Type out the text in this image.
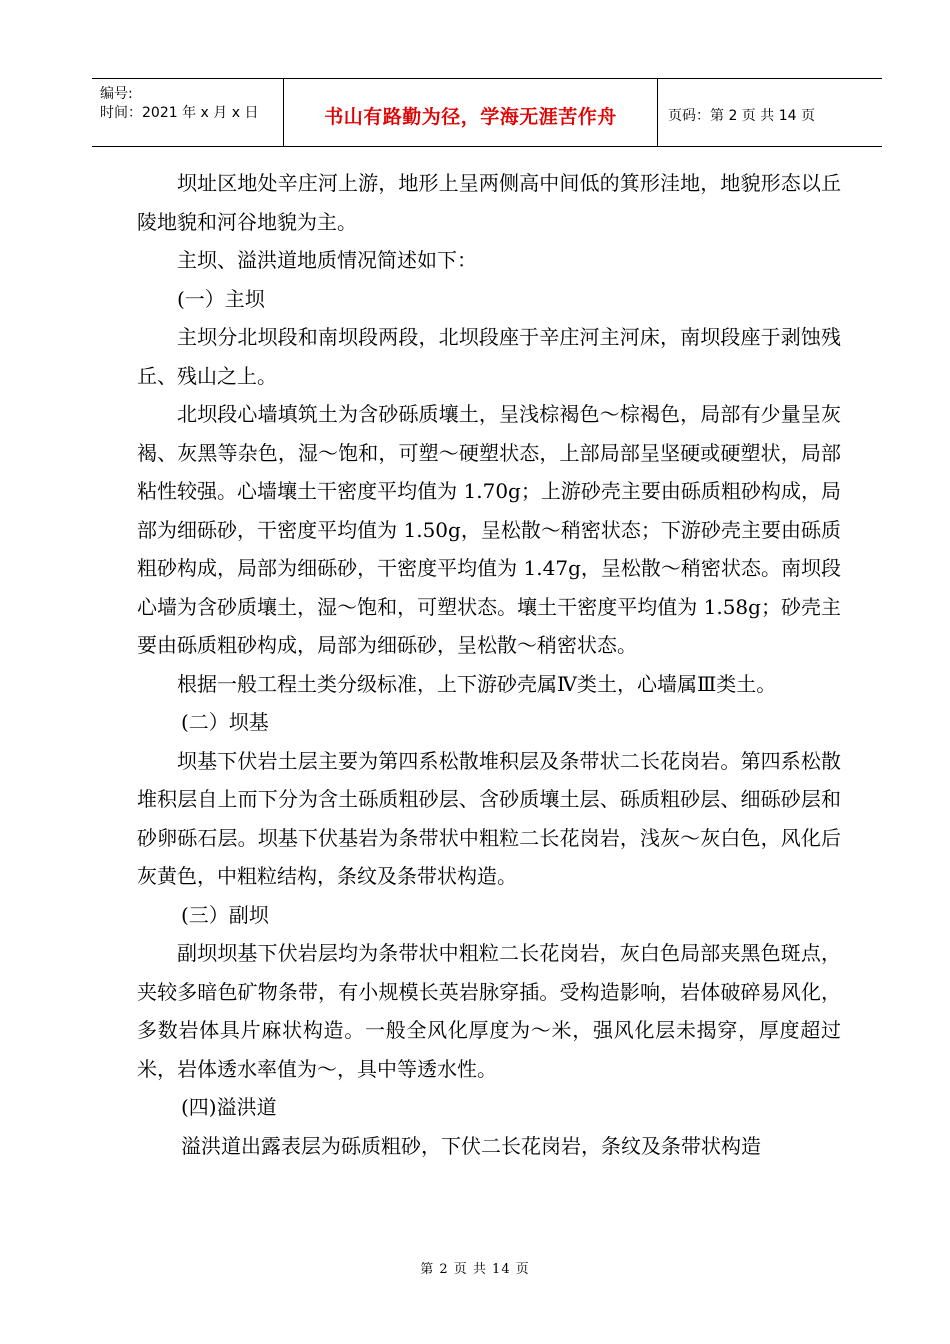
编号:
时间：2021 年 x 月 x 日	书山有路勤为径，学海无涯苦作舟	页码：第 2 页 共 14 页

坝址区地处辛庄河上游，地形上呈两侧高中间低的箕形洼地，地貌形态以丘陵地貌和河谷地貌为主。

主坝、溢洪道地质情况简述如下：

(一）主坝

主坝分北坝段和南坝段两段，北坝段座于辛庄河主河床，南坝段座于剥蚀残丘、残山之上。

北坝段心墙填筑土为含砂砾质壤土，呈浅棕褐色～棕褐色，局部有少量呈灰褐、灰黑等杂色，湿～饱和，可塑～硬塑状态，上部局部呈坚硬或硬塑状，局部粘性较强。心墙壤土干密度平均值为 1.70g；上游砂壳主要由砾质粗砂构成，局部为细砾砂，干密度平均值为 1.50g，呈松散～稍密状态；下游砂壳主要由砾质粗砂构成，局部为细砾砂，干密度平均值为 1.47g，呈松散～稍密状态。南坝段心墙为含砂质壤土，湿～饱和，可塑状态。壤土干密度平均值为 1.58g；砂壳主要由砾质粗砂构成，局部为细砾砂，呈松散～稍密状态。

根据一般工程土类分级标准，上下游砂壳属Ⅳ类土，心墙属Ⅲ类土。

(二）坝基

坝基下伏岩土层主要为第四系松散堆积层及条带状二长花岗岩。第四系松散堆积层自上而下分为含土砾质粗砂层、含砂质壤土层、砾质粗砂层、细砾砂层和砂卵砾石层。坝基下伏基岩为条带状中粗粒二长花岗岩，浅灰～灰白色，风化后灰黄色，中粗粒结构，条纹及条带状构造。

(三）副坝

副坝坝基下伏岩层均为条带状中粗粒二长花岗岩，灰白色局部夹黑色斑点，夹较多暗色矿物条带，有小规模长英岩脉穿插。受构造影响，岩体破碎易风化，多数岩体具片麻状构造。一般全风化厚度为～米，强风化层未揭穿，厚度超过米，岩体透水率值为～，具中等透水性。

(四)溢洪道

溢洪道出露表层为砾质粗砂，下伏二长花岗岩，条纹及条带状构造

第 2 页 共 14 页
